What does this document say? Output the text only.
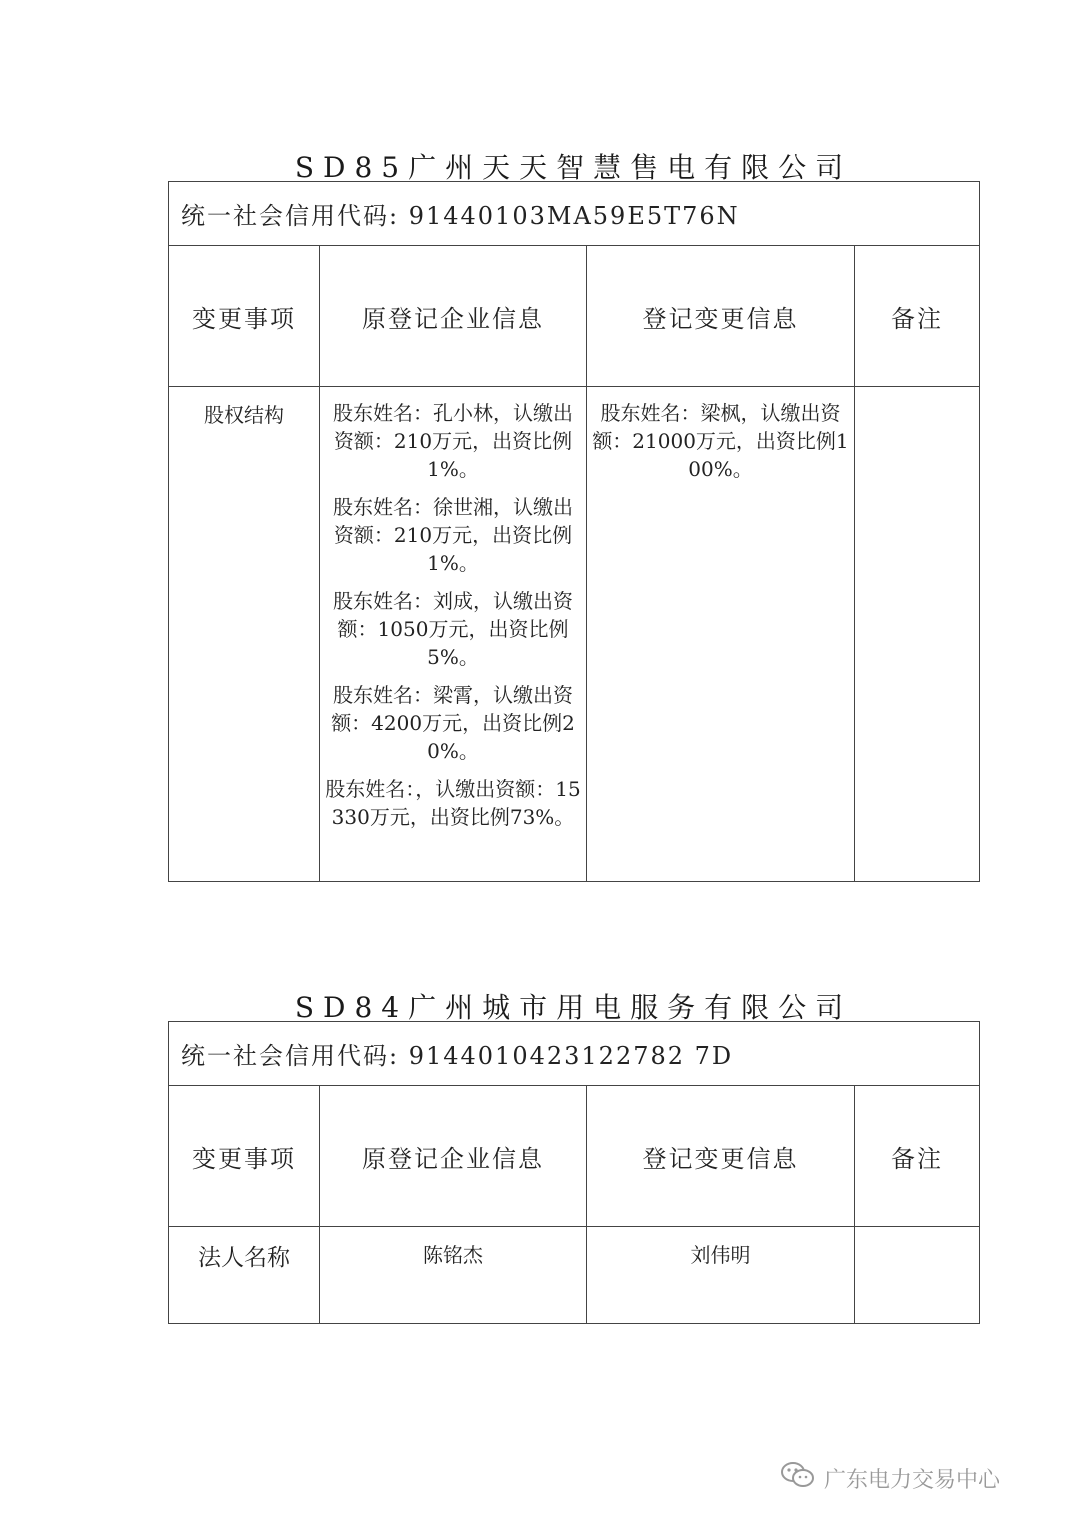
SD85广州天天智慧售电有限公司
统一社会信用代码: 91440103MA59E5T76N			
变更事项	原登记企业信息	登记变更信息	备注
股权结构	股东姓名：孔小林，认缴出资额：210万元，出资比例1%。
股东姓名：徐世湘，认缴出资额：210万元，出资比例1%。
股东姓名：刘成，认缴出资额：1050万元，出资比例5%。
股东姓名：梁霄，认缴出资额：4200万元，出资比例20%。
股东姓名：，认缴出资额：15330万元，出资比例73%。	股东姓名：梁枫，认缴出资额：21000万元，出资比例100%。	

SD84广州城市用电服务有限公司
统一社会信用代码: 9144010423122782 7D			
变更事项	原登记企业信息	登记变更信息	备注
法人名称	陈铭杰	刘伟明	
广东电力交易中心
